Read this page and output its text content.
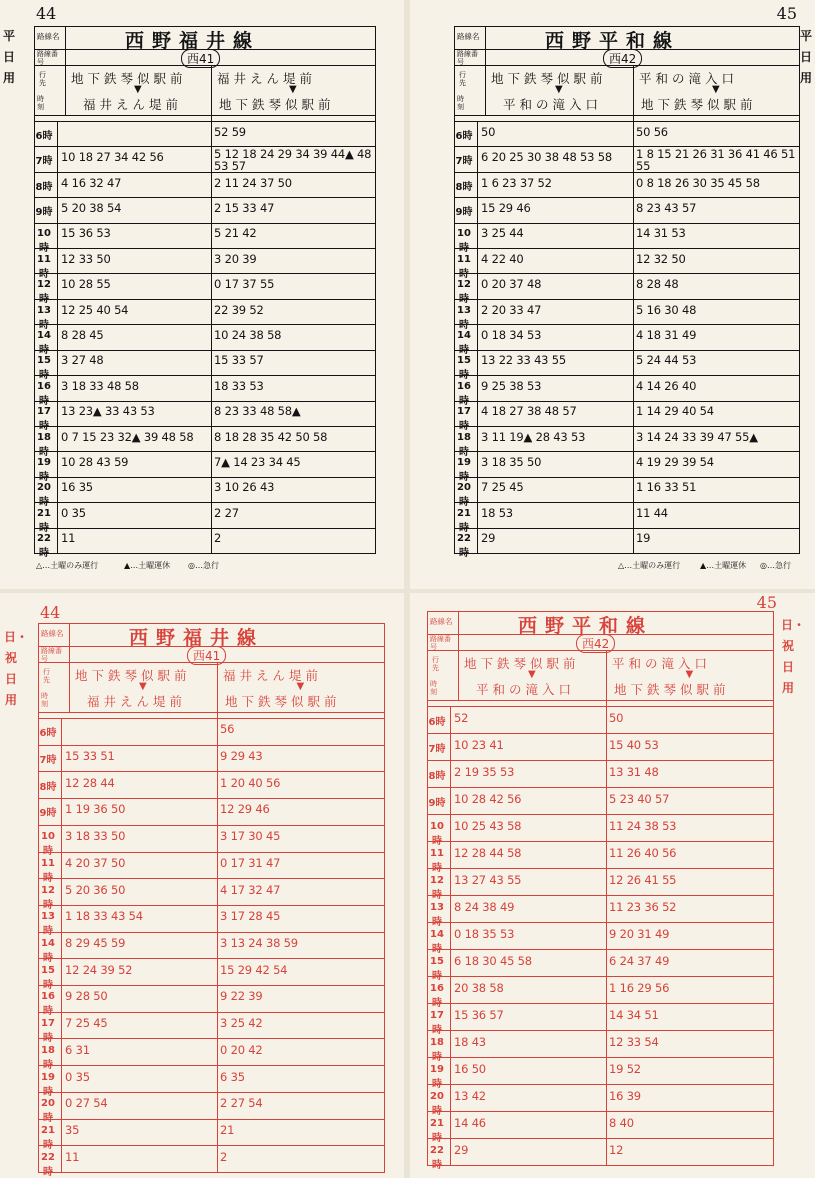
44
平日用
路線名
路線番号
行先
時刻
西野福井線
西41
地下鉄琴似駅前
福井えん堤前
福井えん堤前
地下鉄琴似駅前
▼	▼
6時	52 59
7時 10 18 27 34 42 56	5 12 18 24 29 34 39 44▲ 48 53 57
8時 4 16 32 47	2 11 24 37 50
9時 5 20 38 54	2 15 33 47
10時
15 36 53	5 21 42
11時
12 33 50	3 20 39
12時
10 28 55	0 17 37 55
13時
12 25 40 54	22 39 52
14時
8 28 45	10 24 38 58
15時
3 27 48	15 33 57
16時
3 18 33 48 58	18 33 53
17時
13 23▲ 33 43 53	8 23 33 48 58▲
18時
0 7 15 23 32▲ 39 48 58	8 18 28 35 42 50 58
19時
10 28 43 59	7▲ 14 23 34 45
20時
16 35	3 10 26 43
21時
0 35	2 27
22時
11	2
△…土曜のみ運行	▲…土曜運休 ◎…急行
45
平日用
路線名
路線番号
行先
時刻
西野平和線
西42
地下鉄琴似駅前
平和の滝入口
平和の滝入口
地下鉄琴似駅前
▼	▼
6時 50	50 56
7時 6 20 25 30 38 48 53 58	1 8 15 21 26 31 36 41 46 51 55
8時 1 6 23 37 52	0 8 18 26 30 35 45 58
9時 15 29 46	8 23 43 57
10時
3 25 44	14 31 53
11時
4 22 40	12 32 50
12時
0 20 37 48	8 28 48
13時
2 20 33 47	5 16 30 48
14時
0 18 34 53	4 18 31 49
15時
13 22 33 43 55	5 24 44 53
16時
9 25 38 53	4 14 26 40
17時
4 18 27 38 48 57	1 14 29 40 54
18時
3 11 19▲ 28 43 53	3 14 24 33 39 47 55▲
19時
3 18 35 50	4 19 29 39 54
20時
7 25 45	1 16 33 51
21時
18 53	11 44
22時
29	19
△…土曜のみ運行 ▲…土曜運休 ◎…急行
44
日・祝日用
路線名
路線番号
行先
時刻
西野福井線
西41
地下鉄琴似駅前
福井えん堤前
福井えん堤前
地下鉄琴似駅前
▼	▼
6時	56
7時 15 33 51	9 29 43
8時 12 28 44	1 20 40 56
9時 1 19 36 50	12 29 46
10時
3 18 33 50	3 17 30 45
11時
4 20 37 50	0 17 31 47
12時
5 20 36 50	4 17 32 47
13時
1 18 33 43 54	3 17 28 45
14時
8 29 45 59	3 13 24 38 59
15時
12 24 39 52	15 29 42 54
16時
9 28 50	9 22 39
17時
7 25 45	3 25 42
18時
6 31	0 20 42
19時
0 35	6 35
20時
0 27 54	2 27 54
21時
35	21
22時
11	2
45
日・祝日用
路線名
路線番号
行先
時刻
西野平和線
西42
地下鉄琴似駅前
平和の滝入口
平和の滝入口
地下鉄琴似駅前
▼	▼
6時 52	50
7時 10 23 41	15 40 53
8時 2 19 35 53	13 31 48
9時 10 28 42 56	5 23 40 57
10時
10 25 43 58	11 24 38 53
11時
12 28 44 58	11 26 40 56
12時
13 27 43 55	12 26 41 55
13時
8 24 38 49	11 23 36 52
14時
0 18 35 53	9 20 31 49
15時
6 18 30 45 58	6 24 37 49
16時
20 38 58	1 16 29 56
17時
15 36 57	14 34 51
18時
18 43	12 33 54
19時
16 50	19 52
20時
13 42	16 39
21時
14 46	8 40
22時
29	12
